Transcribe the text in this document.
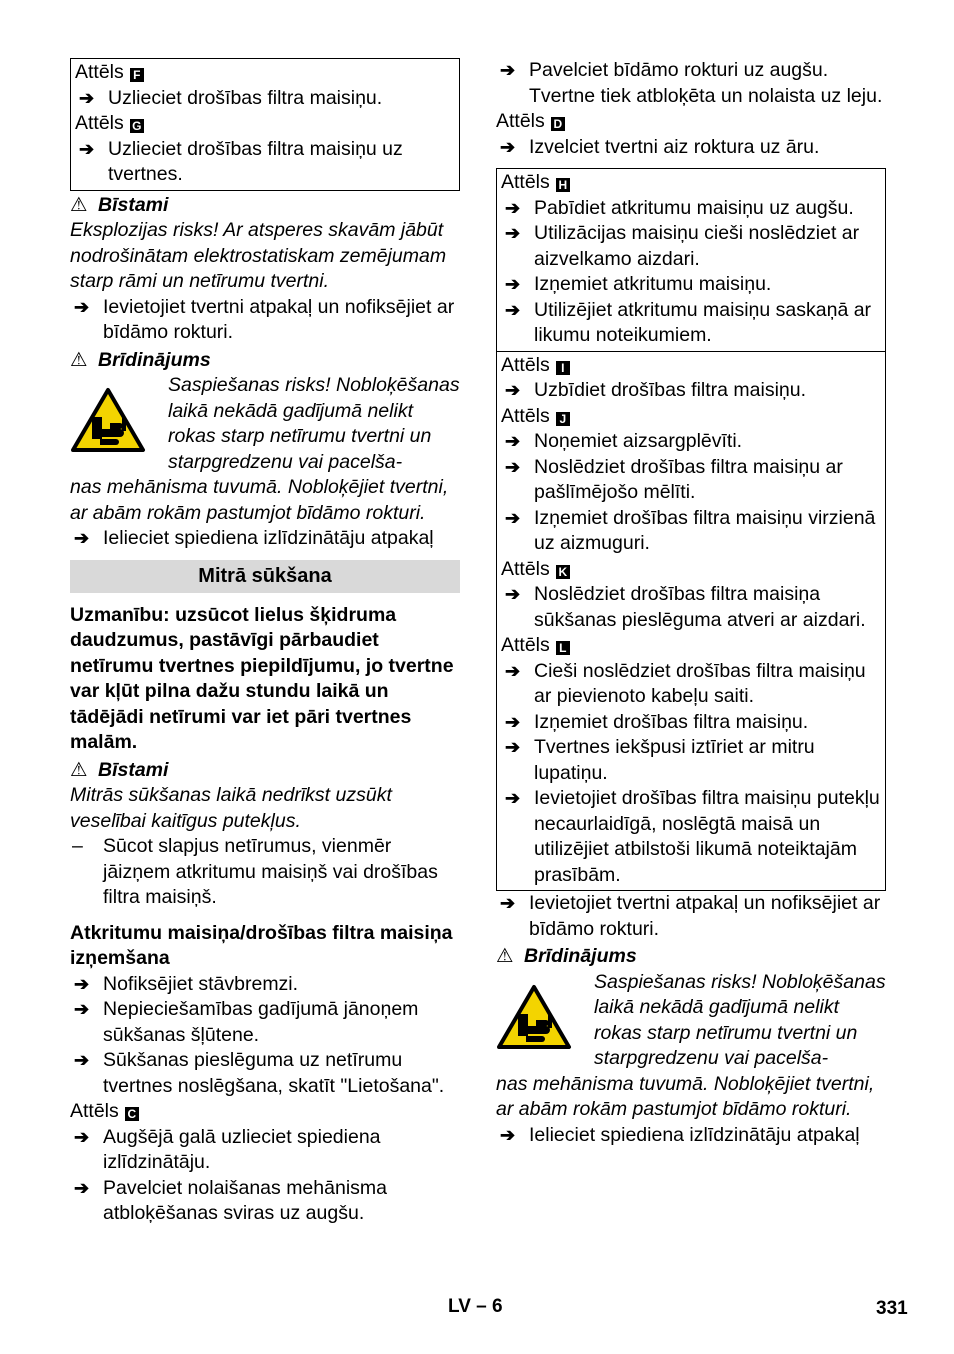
Attēls F
➔ Uzlieciet drošības filtra maisiņu.
Attēls G
➔ Uzlieciet drošības filtra maisiņu uz tvertnes.
⚠ Bīstami
Eksplozijas risks! Ar atsperes skavām jābūt nodrošinātam elektrostatiskam zemējumam starp rāmi un netīrumu tvertni.
➔ Ievietojiet tvertni atpakaļ un nofiksējiet ar bīdāmo rokturi.
⚠ Brīdinājums
Saspiešanas risks! Nobloķēšanas laikā nekādā gadījumā nelikt rokas starp netīrumu tvertni un starpgredzenu vai pacelša-
nas mehānisma tuvumā. Nobloķējiet tvertni, ar abām rokām pastumjot bīdāmo rokturi.
➔ Ielieciet spiediena izlīdzinātāju atpakaļ
Mitrā sūkšana
Uzmanību: uzsūcot lielus šķidruma daudzumus, pastāvīgi pārbaudiet netīrumu tvertnes piepildījumu, jo tvertne var kļūt pilna dažu stundu laikā un tādējādi netīrumi var iet pāri tvertnes malām.
⚠ Bīstami
Mitrās sūkšanas laikā nedrīkst uzsūkt veselībai kaitīgus putekļus.
– Sūcot slapjus netīrumus, vienmēr jāizņem atkritumu maisiņš vai drošības filtra maisiņš.
Atkritumu maisiņa/drošības filtra maisiņa izņemšana
➔ Nofiksējiet stāvbremzi.
➔ Nepieciešamības gadījumā jānoņem sūkšanas šļūtene.
➔ Sūkšanas pieslēguma uz netīrumu tvertnes noslēgšana, skatīt "Lietošana".
Attēls C
➔ Augšējā galā uzlieciet spiediena izlīdzinātāju.
➔ Pavelciet nolaišanas mehānisma atbloķēšanas sviras uz augšu.
➔ Pavelciet bīdāmo rokturi uz augšu. Tvertne tiek atbloķēta un nolaista uz leju.
Attēls D
➔ Izvelciet tvertni aiz roktura uz āru.
Attēls H
➔ Pabīdiet atkritumu maisiņu uz augšu.
➔ Utilizācijas maisiņu cieši noslēdziet ar aizvelkamo aizdari.
➔ Izņemiet atkritumu maisiņu.
➔ Utilizējiet atkritumu maisiņu saskaņā ar likumu noteikumiem.
Attēls I
➔ Uzbīdiet drošības filtra maisiņu.
Attēls J
➔ Noņemiet aizsargplēvīti.
➔ Noslēdziet drošības filtra maisiņu ar pašlīmējošo mēlīti.
➔ Izņemiet drošības filtra maisiņu virzienā uz aizmuguri.
Attēls K
➔ Noslēdziet drošības filtra maisiņa sūkšanas pieslēguma atveri ar aizdari.
Attēls L
➔ Cieši noslēdziet drošības filtra maisiņu ar pievienoto kabeļu saiti.
➔ Izņemiet drošības filtra maisiņu.
➔ Tvertnes iekšpusi iztīriet ar mitru lupatiņu.
➔ Ievietojiet drošības filtra maisiņu putekļu necaurlaidīgā, noslēgtā maisā un utilizējiet atbilstoši likumā noteiktajām prasībām.
➔ Ievietojiet tvertni atpakaļ un nofiksējiet ar bīdāmo rokturi.
⚠ Brīdinājums
Saspiešanas risks! Nobloķēšanas laikā nekādā gadījumā nelikt rokas starp netīrumu tvertni un starpgredzenu vai pacelša-
nas mehānisma tuvumā. Nobloķējiet tvertni, ar abām rokām pastumjot bīdāmo rokturi.
➔ Ielieciet spiediena izlīdzinātāju atpakaļ
LV – 6	331
